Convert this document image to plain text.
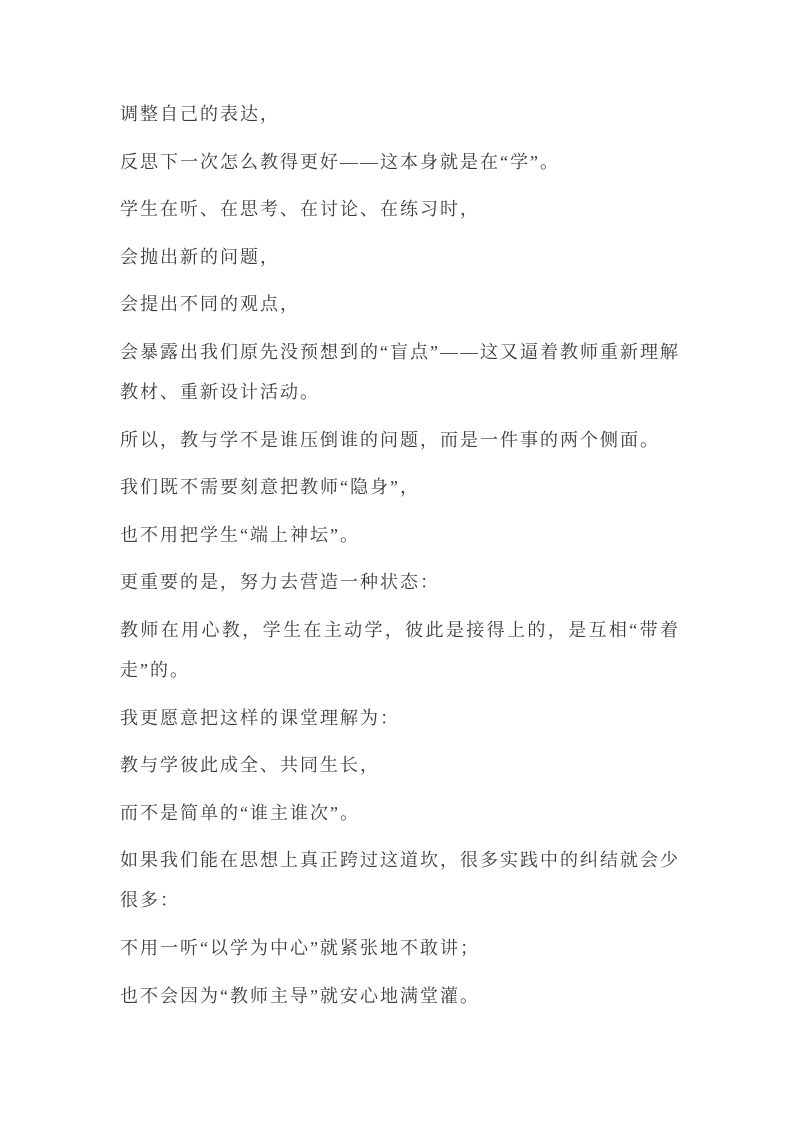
调整自己的表达，

反思下一次怎么教得更好——这本身就是在“学”。

学生在听、在思考、在讨论、在练习时，

会抛出新的问题，

会提出不同的观点，

会暴露出我们原先没预想到的“盲点”——这又逼着教师重新理解教材、重新设计活动。

所以，教与学不是谁压倒谁的问题，而是一件事的两个侧面。

我们既不需要刻意把教师“隐身”，

也不用把学生“端上神坛”。

更重要的是，努力去营造一种状态：

教师在用心教，学生在主动学，彼此是接得上的，是互相“带着走”的。

我更愿意把这样的课堂理解为：

教与学彼此成全、共同生长，

而不是简单的“谁主谁次”。

如果我们能在思想上真正跨过这道坎，很多实践中的纠结就会少很多：

不用一听“以学为中心”就紧张地不敢讲；

也不会因为“教师主导”就安心地满堂灌。
